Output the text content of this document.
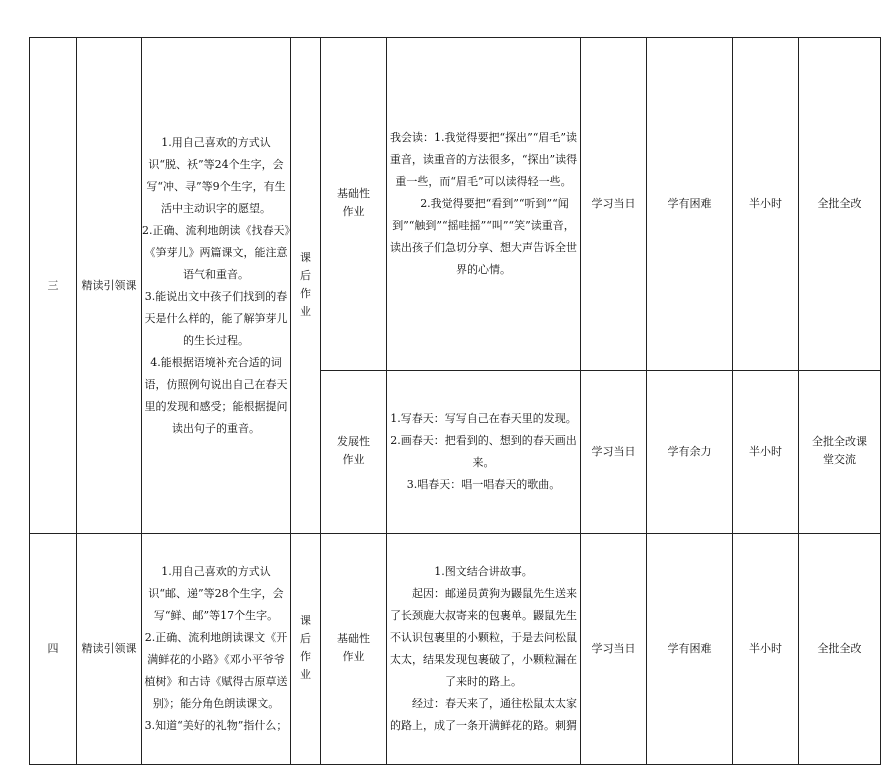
三	精读引领课	1.用自己喜欢的方式认识“脱、袄”等24个生字，会写“冲、寻”等9个生字，有生活中主动识字的愿望。
2.正确、流利地朗读《找春天》《笋芽儿》两篇课文，能注意语气和重音。
3.能说出文中孩子们找到的春天是什么样的，能了解笋芽儿的生长过程。
4.能根据语境补充合适的词语，仿照例句说出自己在春天里的发现和感受；能根据提问读出句子的重音。	课后作业	基础性作业	我会读：1.我觉得要把“探出”“眉毛”读重音，读重音的方法很多，“探出”读得重一些，而“眉毛”可以读得轻一些。
2.我觉得要把“看到”“听到”“闻到”“触到”“摇哇摇”“叫”“笑”读重音，读出孩子们急切分享、想大声告诉全世界的心情。	学习当日	学有困难	半小时	全批全改
				发展性作业	1.写春天：写写自己在春天里的发现。
2.画春天：把看到的、想到的春天画出来。
3.唱春天：唱一唱春天的歌曲。	学习当日	学有余力	半小时	全批全改课堂交流
四	精读引领课	1.用自己喜欢的方式认识“邮、递”等28个生字，会写“鲜、邮”等17个生字。
2.正确、流利地朗读课文《开满鲜花的小路》《邓小平爷爷植树》和古诗《赋得古原草送别》；能分角色朗读课文。
3.知道“美好的礼物”指什么；	课后作业	基础性作业	1.图文结合讲故事。
起因：邮递员黄狗为鼹鼠先生送来了长颈鹿大叔寄来的包裹单。鼹鼠先生不认识包裹里的小颗粒，于是去问松鼠太太，结果发现包裹破了，小颗粒漏在了来时的路上。
经过：春天来了，通往松鼠太太家的路上，成了一条开满鲜花的路。刺猬	学习当日	学有困难	半小时	全批全改
